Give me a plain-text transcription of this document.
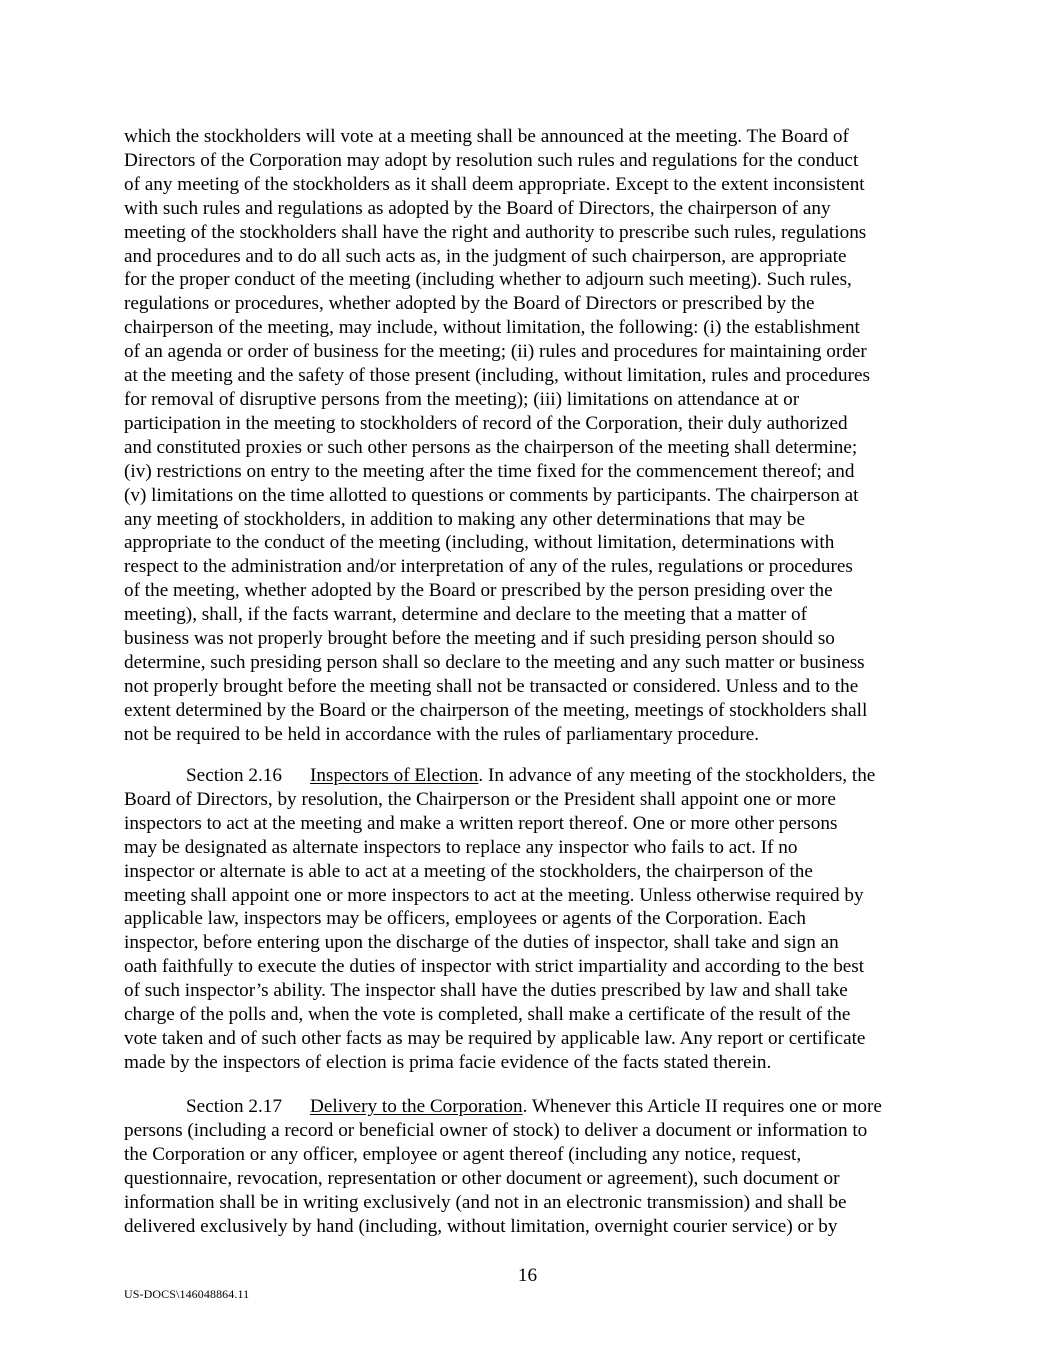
which the stockholders will vote at a meeting shall be announced at the meeting. The Board of
Directors of the Corporation may adopt by resolution such rules and regulations for the conduct
of any meeting of the stockholders as it shall deem appropriate. Except to the extent inconsistent
with such rules and regulations as adopted by the Board of Directors, the chairperson of any
meeting of the stockholders shall have the right and authority to prescribe such rules, regulations
and procedures and to do all such acts as, in the judgment of such chairperson, are appropriate
for the proper conduct of the meeting (including whether to adjourn such meeting). Such rules,
regulations or procedures, whether adopted by the Board of Directors or prescribed by the
chairperson of the meeting, may include, without limitation, the following: (i) the establishment
of an agenda or order of business for the meeting; (ii) rules and procedures for maintaining order
at the meeting and the safety of those present (including, without limitation, rules and procedures
for removal of disruptive persons from the meeting); (iii) limitations on attendance at or
participation in the meeting to stockholders of record of the Corporation, their duly authorized
and constituted proxies or such other persons as the chairperson of the meeting shall determine;
(iv) restrictions on entry to the meeting after the time fixed for the commencement thereof; and
(v) limitations on the time allotted to questions or comments by participants. The chairperson at
any meeting of stockholders, in addition to making any other determinations that may be
appropriate to the conduct of the meeting (including, without limitation, determinations with
respect to the administration and/or interpretation of any of the rules, regulations or procedures
of the meeting, whether adopted by the Board or prescribed by the person presiding over the
meeting), shall, if the facts warrant, determine and declare to the meeting that a matter of
business was not properly brought before the meeting and if such presiding person should so
determine, such presiding person shall so declare to the meeting and any such matter or business
not properly brought before the meeting shall not be transacted or considered. Unless and to the
extent determined by the Board or the chairperson of the meeting, meetings of stockholders shall
not be required to be held in accordance with the rules of parliamentary procedure.
Section 2.16 Inspectors of Election. In advance of any meeting of the stockholders, the
Board of Directors, by resolution, the Chairperson or the President shall appoint one or more
inspectors to act at the meeting and make a written report thereof. One or more other persons
may be designated as alternate inspectors to replace any inspector who fails to act. If no
inspector or alternate is able to act at a meeting of the stockholders, the chairperson of the
meeting shall appoint one or more inspectors to act at the meeting. Unless otherwise required by
applicable law, inspectors may be officers, employees or agents of the Corporation. Each
inspector, before entering upon the discharge of the duties of inspector, shall take and sign an
oath faithfully to execute the duties of inspector with strict impartiality and according to the best
of such inspector’s ability. The inspector shall have the duties prescribed by law and shall take
charge of the polls and, when the vote is completed, shall make a certificate of the result of the
vote taken and of such other facts as may be required by applicable law. Any report or certificate
made by the inspectors of election is prima facie evidence of the facts stated therein.
Section 2.17 Delivery to the Corporation. Whenever this Article II requires one or more
persons (including a record or beneficial owner of stock) to deliver a document or information to
the Corporation or any officer, employee or agent thereof (including any notice, request,
questionnaire, revocation, representation or other document or agreement), such document or
information shall be in writing exclusively (and not in an electronic transmission) and shall be
delivered exclusively by hand (including, without limitation, overnight courier service) or by
16
US-DOCS\146048864.11
